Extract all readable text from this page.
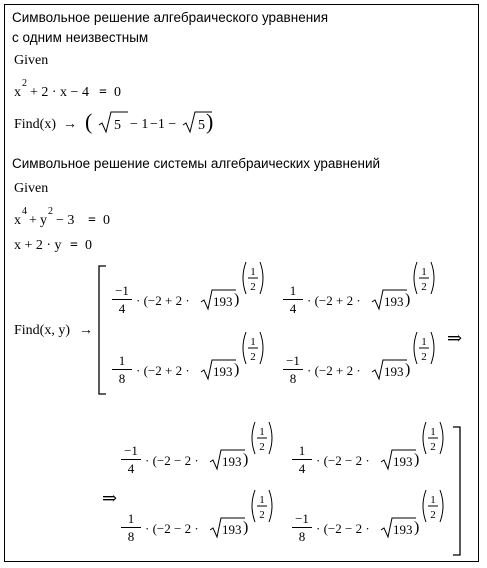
Символьное решение алгебраического уравнения
с одним неизвестным
Given
x
2
+ 2 · x − 4 = 0
Find(x) → ( 5 − 1 −1 − 5 )
Символьное решение системы алгебраических уравнений
Given
x
4
+ y
2
− 3 = 0
x + 2 · y = 0
Find(x, y) →
−1
4
· (−2 + 2 · 193 )
1
2	1
4
· (−2 + 2 · 193 )
1
2
1
8
· (−2 + 2 · 193 )
1
2 −1
8
· (−2 + 2 · 193 )
1
2
⇒
−1
4
· (−2 − 2 · 193 )
1
2	1
4
· (−2 − 2 · 193 )
1
2
1
8
· (−2 − 2 · 193 )
1
2 −1
8
· (−2 − 2 · 193 )
1
2
⇒
